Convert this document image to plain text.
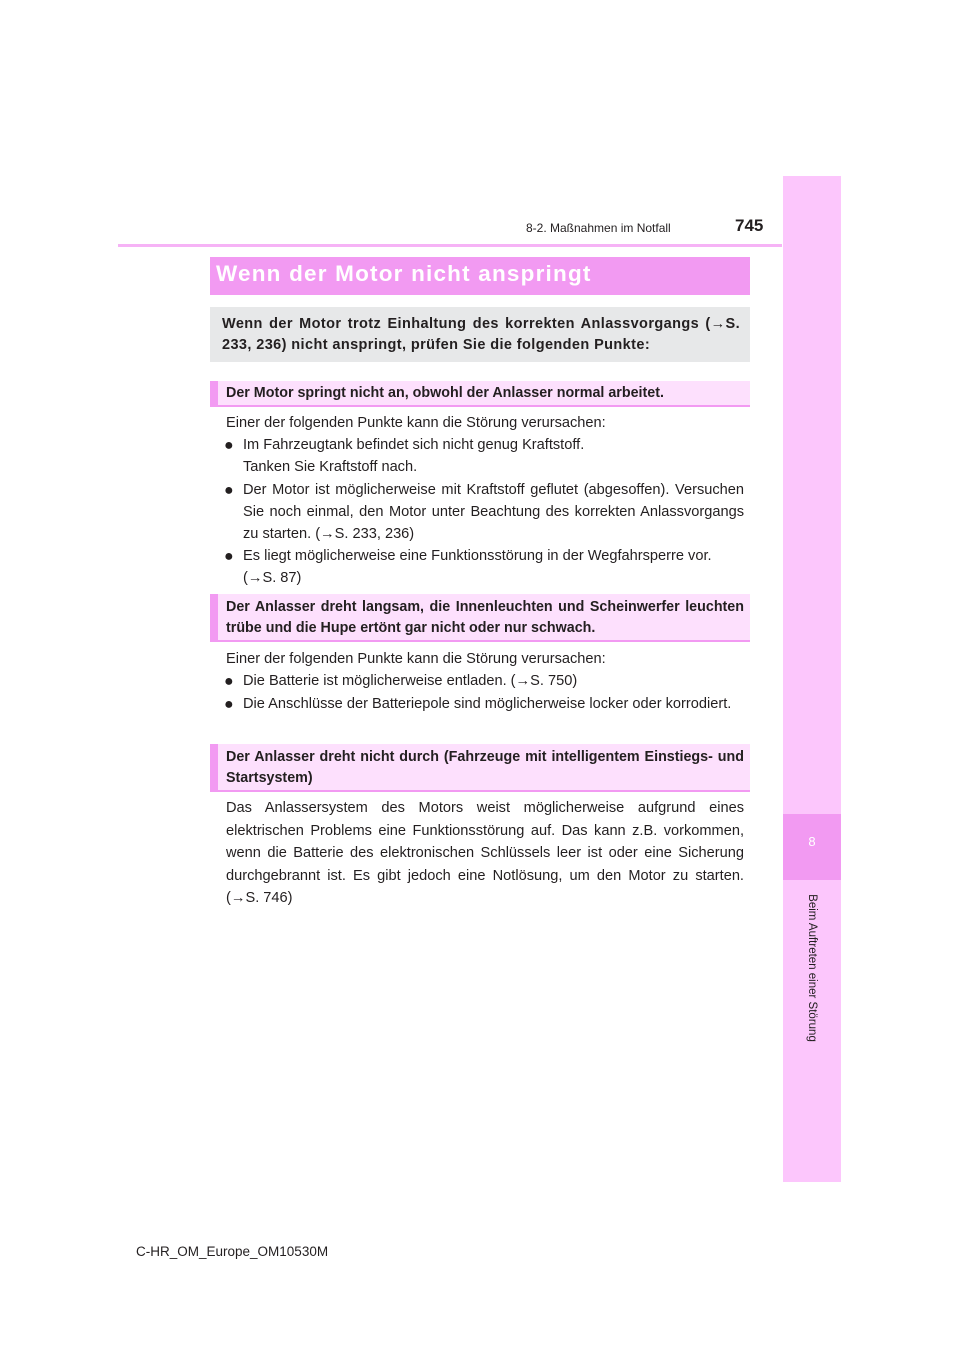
8
Beim Auftreten einer Störung
8-2. Maßnahmen im Notfall	745
Wenn der Motor nicht anspringt
Wenn der Motor trotz Einhaltung des korrekten Anlassvorgangs (→S. 233, 236) nicht anspringt, prüfen Sie die folgenden Punkte:
Der Motor springt nicht an, obwohl der Anlasser normal arbeitet.
Einer der folgenden Punkte kann die Störung verursachen:
● Im Fahrzeugtank befindet sich nicht genug Kraftstoff.
Tanken Sie Kraftstoff nach.
● Der Motor ist möglicherweise mit Kraftstoff geflutet (abgesoffen). Versuchen Sie noch einmal, den Motor unter Beachtung des korrekten Anlassvorgangs zu starten. (→S. 233, 236)
● Es liegt möglicherweise eine Funktionsstörung in der Wegfahrsperre vor. (→S. 87)
Der Anlasser dreht langsam, die Innenleuchten und Scheinwerfer leuchten trübe und die Hupe ertönt gar nicht oder nur schwach.
Einer der folgenden Punkte kann die Störung verursachen:
● Die Batterie ist möglicherweise entladen. (→S. 750)
● Die Anschlüsse der Batteriepole sind möglicherweise locker oder korrodiert.
Der Anlasser dreht nicht durch (Fahrzeuge mit intelligentem Einstiegs- und Startsystem)
Das Anlassersystem des Motors weist möglicherweise aufgrund eines elektrischen Problems eine Funktionsstörung auf. Das kann z.B. vorkommen, wenn die Batterie des elektronischen Schlüssels leer ist oder eine Sicherung durchgebrannt ist. Es gibt jedoch eine Notlösung, um den Motor zu starten. (→S. 746)
C-HR_OM_Europe_OM10530M
